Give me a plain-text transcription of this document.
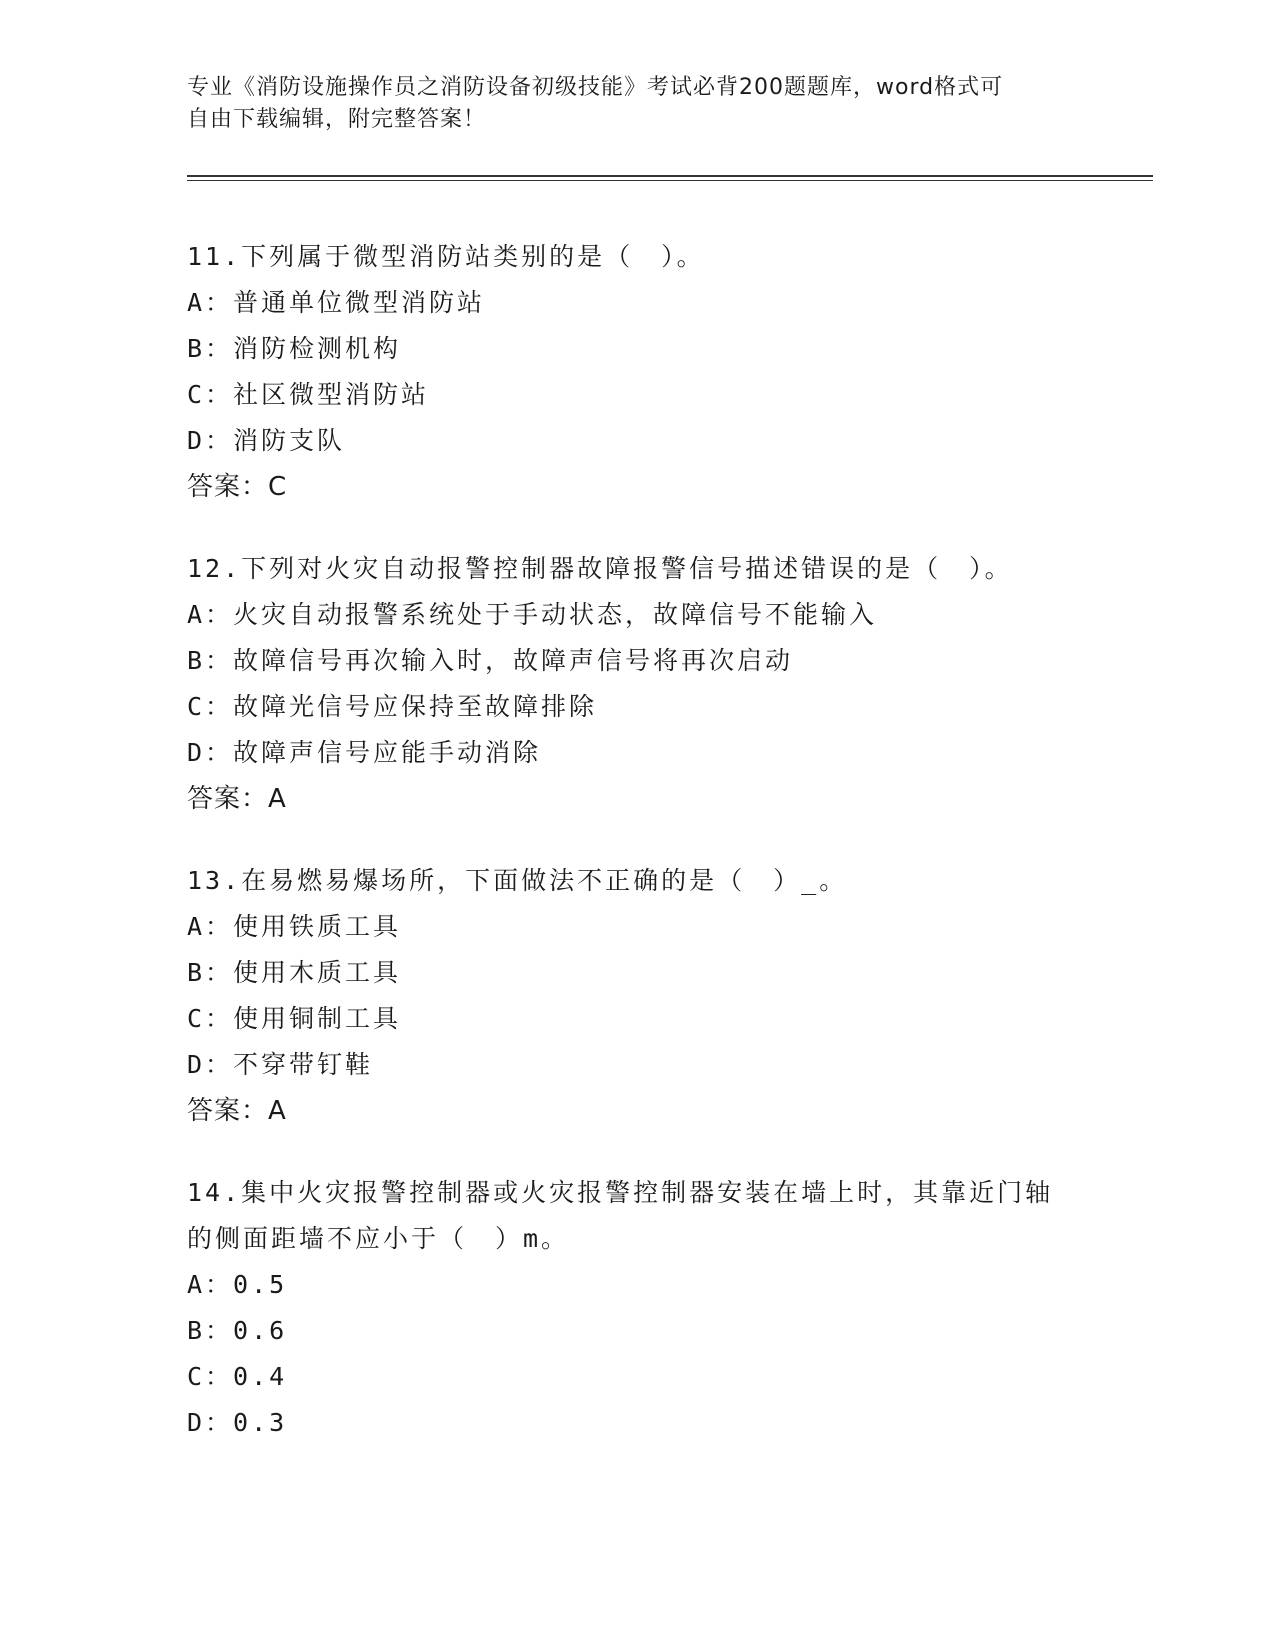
专业《消防设施操作员之消防设备初级技能》考试必背200题题库，word格式可
自由下载编辑，附完整答案！
11.下列属于微型消防站类别的是（　）。
A：普通单位微型消防站
B：消防检测机构
C：社区微型消防站
D：消防支队
答案：C
12.下列对火灾自动报警控制器故障报警信号描述错误的是（　）。
A：火灾自动报警系统处于手动状态，故障信号不能输入
B：故障信号再次输入时，故障声信号将再次启动
C：故障光信号应保持至故障排除
D：故障声信号应能手动消除
答案：A
13.在易燃易爆场所，下面做法不正确的是（　）_。
A：使用铁质工具
B：使用木质工具
C：使用铜制工具
D：不穿带钉鞋
答案：A
14.集中火灾报警控制器或火灾报警控制器安装在墙上时，其靠近门轴
的侧面距墙不应小于（　）m。
A：0.5
B：0.6
C：0.4
D：0.3
